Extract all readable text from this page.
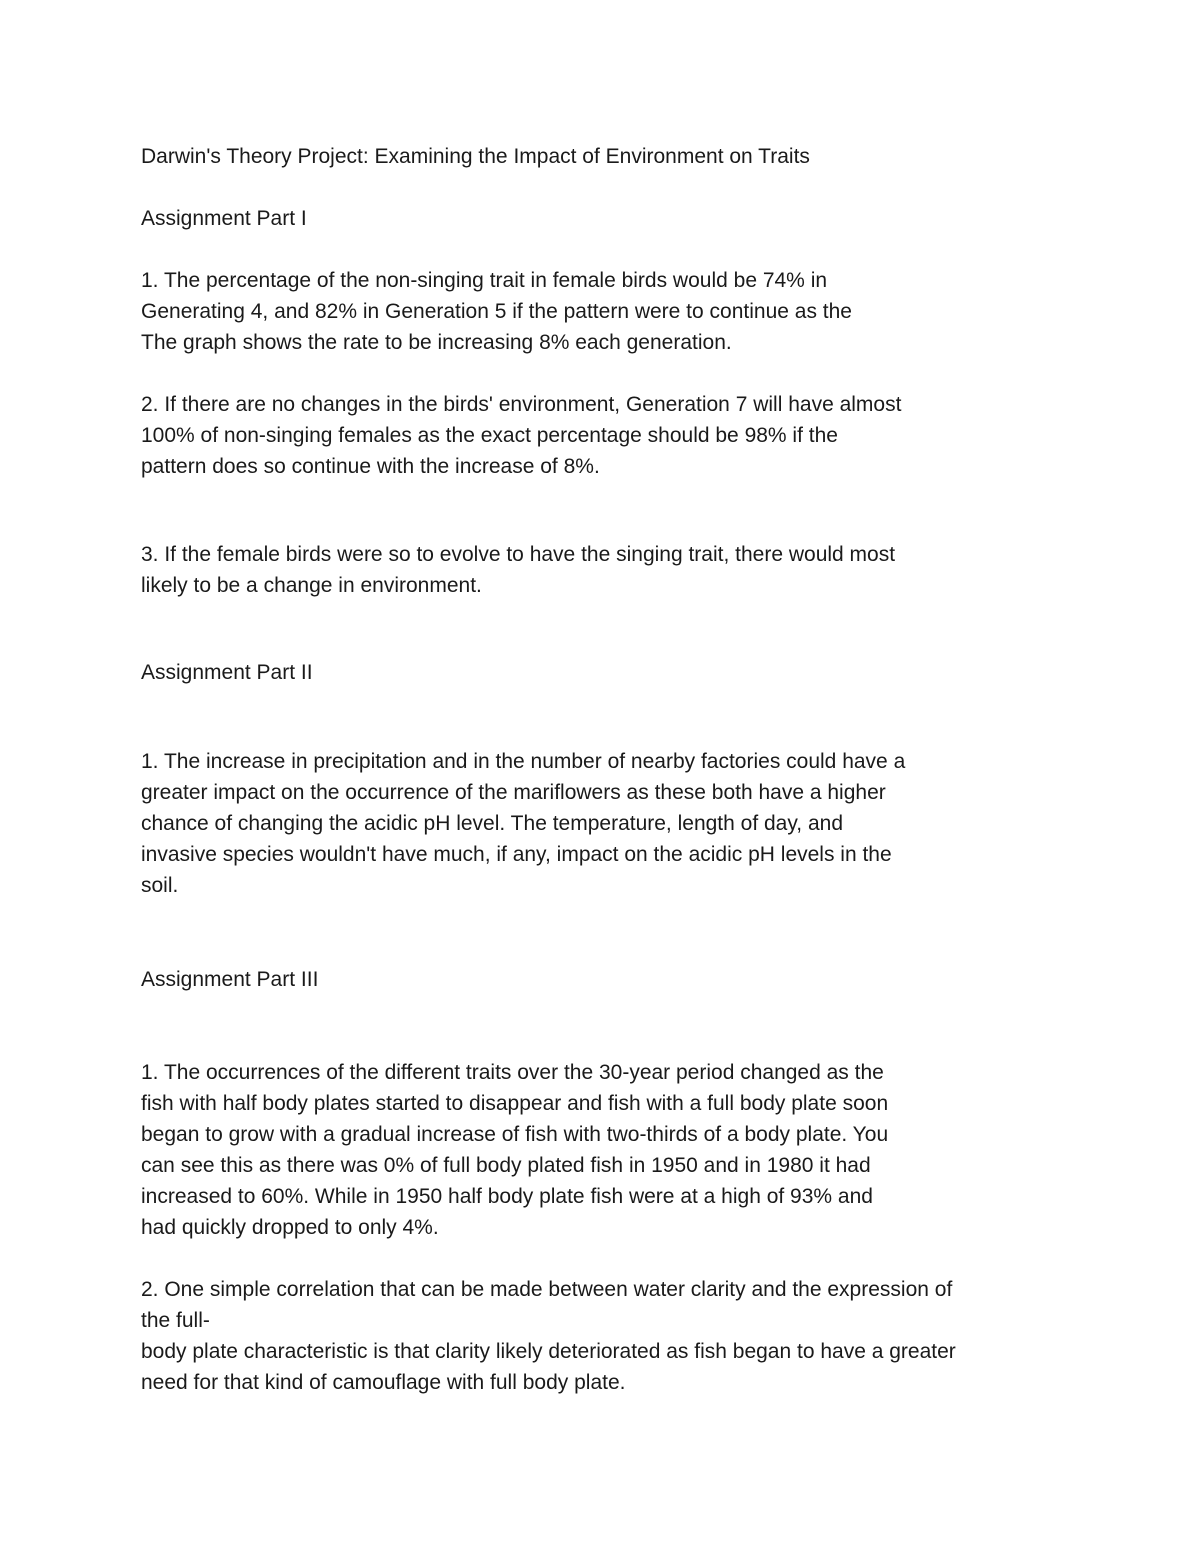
Darwin's Theory Project: Examining the Impact of Environment on Traits
Assignment Part I
1. The percentage of the non-singing trait in female birds would be 74% in
Generating 4, and 82% in Generation 5 if the pattern were to continue as the
The graph shows the rate to be increasing 8% each generation.
2. If there are no changes in the birds' environment, Generation 7 will have almost
100% of non-singing females as the exact percentage should be 98% if the
pattern does so continue with the increase of 8%.
3. If the female birds were so to evolve to have the singing trait, there would most
likely to be a change in environment.
Assignment Part II
1. The increase in precipitation and in the number of nearby factories could have a
greater impact on the occurrence of the mariflowers as these both have a higher
chance of changing the acidic pH level. The temperature, length of day, and
invasive species wouldn't have much, if any, impact on the acidic pH levels in the
soil.
Assignment Part III
1. The occurrences of the different traits over the 30-year period changed as the
fish with half body plates started to disappear and fish with a full body plate soon
began to grow with a gradual increase of fish with two-thirds of a body plate. You
can see this as there was 0% of full body plated fish in 1950 and in 1980 it had
increased to 60%. While in 1950 half body plate fish were at a high of 93% and
had quickly dropped to only 4%.
2. One simple correlation that can be made between water clarity and the expression of
the full-
body plate characteristic is that clarity likely deteriorated as fish began to have a greater
need for that kind of camouflage with full body plate.
